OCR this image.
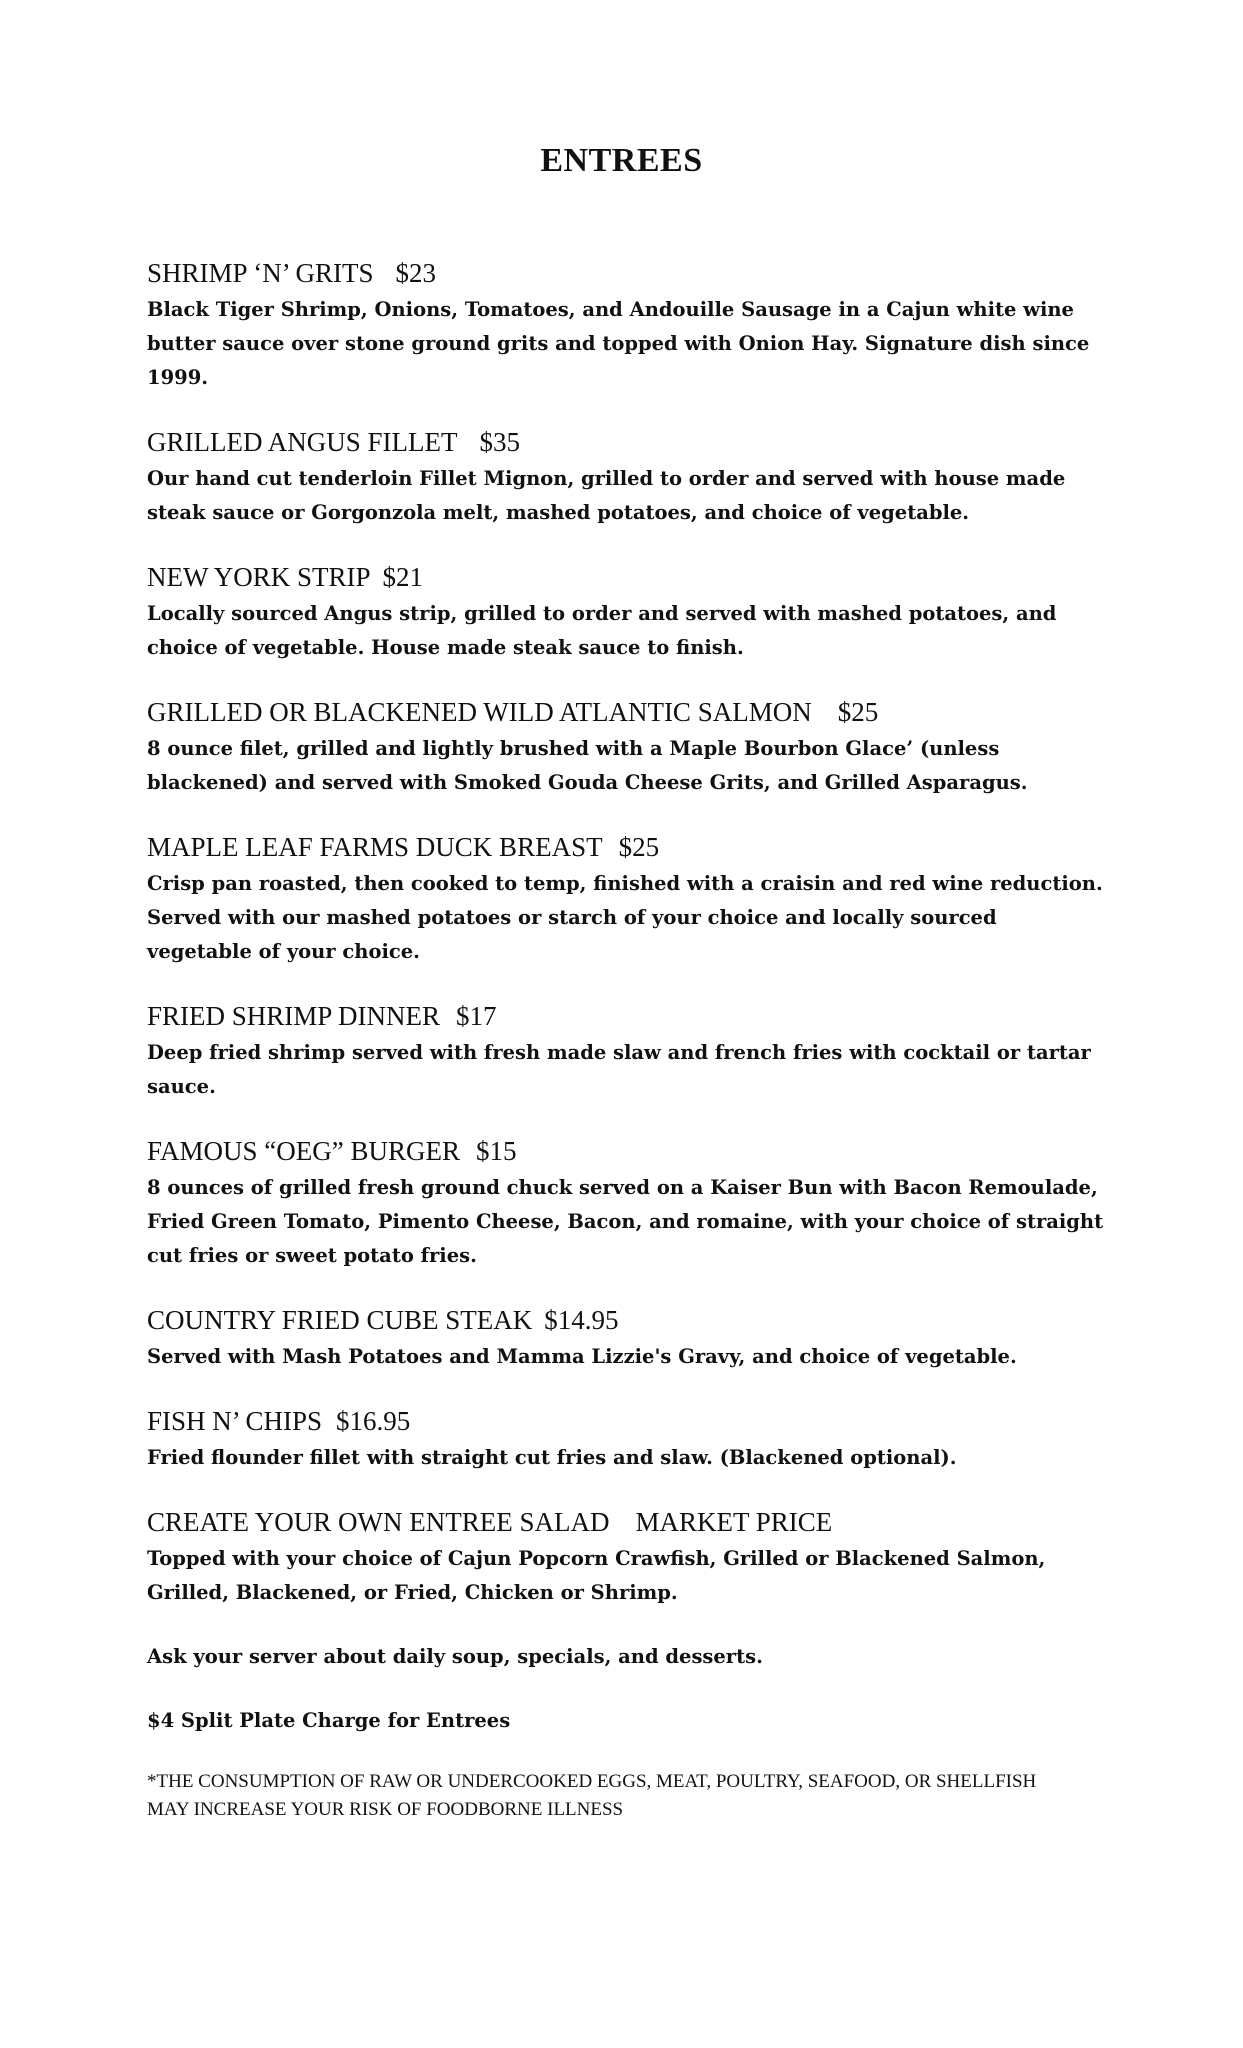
ENTREES
SHRIMP ‘N’ GRITS $23

Black Tiger Shrimp, Onions, Tomatoes, and Andouille Sausage in a Cajun white wine butter sauce over stone ground grits and topped with Onion Hay. Signature dish since 1999.

GRILLED ANGUS FILLET $35

Our hand cut tenderloin Fillet Mignon, grilled to order and served with house made steak sauce or Gorgonzola melt, mashed potatoes, and choice of vegetable.

NEW YORK STRIP $21

Locally sourced Angus strip, grilled to order and served with mashed potatoes, and choice of vegetable. House made steak sauce to finish.

GRILLED OR BLACKENED WILD ATLANTIC SALMON $25

8 ounce filet, grilled and lightly brushed with a Maple Bourbon Glace’ (unless blackened) and served with Smoked Gouda Cheese Grits, and Grilled Asparagus.

MAPLE LEAF FARMS DUCK BREAST $25

Crisp pan roasted, then cooked to temp, finished with a craisin and red wine reduction. Served with our mashed potatoes or starch of your choice and locally sourced vegetable of your choice.

FRIED SHRIMP DINNER $17

Deep fried shrimp served with fresh made slaw and french fries with cocktail or tartar sauce.

FAMOUS “OEG” BURGER $15

8 ounces of grilled fresh ground chuck served on a Kaiser Bun with Bacon Remoulade, Fried Green Tomato, Pimento Cheese, Bacon, and romaine, with your choice of straight cut fries or sweet potato fries.

COUNTRY FRIED CUBE STEAK $14.95

Served with Mash Potatoes and Mamma Lizzie's Gravy, and choice of vegetable.

FISH N’ CHIPS $16.95

Fried flounder fillet with straight cut fries and slaw. (Blackened optional).

CREATE YOUR OWN ENTREE SALAD MARKET PRICE

Topped with your choice of Cajun Popcorn Crawfish, Grilled or Blackened Salmon, Grilled, Blackened, or Fried, Chicken or Shrimp.

Ask your server about daily soup, specials, and desserts.

$4 Split Plate Charge for Entrees

*THE CONSUMPTION OF RAW OR UNDERCOOKED EGGS, MEAT, POULTRY, SEAFOOD, OR SHELLFISH MAY INCREASE YOUR RISK OF FOODBORNE ILLNESS
